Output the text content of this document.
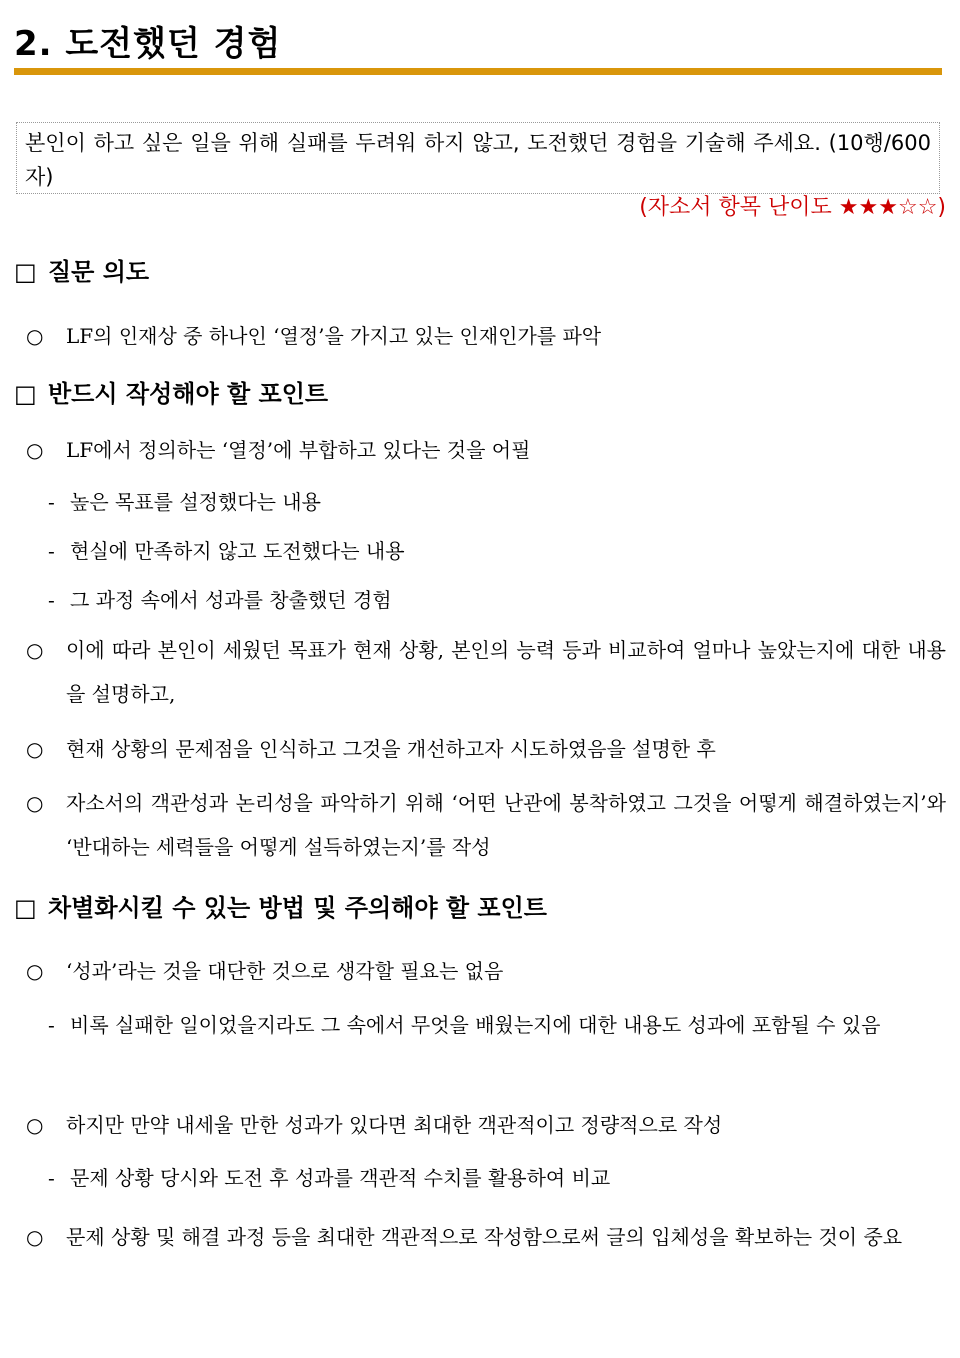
2. 도전했던 경험
본인이 하고 싶은 일을 위해 실패를 두려워 하지 않고, 도전했던 경험을 기술해 주세요. (10행/600자)
(자소서 항목 난이도 ★★★☆☆)
□ 질문 의도
○	LF의 인재상 중 하나인 ‘열정’을 가지고 있는 인재인가를 파악
□ 반드시 작성해야 할 포인트
○	LF에서 정의하는 ‘열정’에 부합하고 있다는 것을 어필
- 높은 목표를 설정했다는 내용
- 현실에 만족하지 않고 도전했다는 내용
- 그 과정 속에서 성과를 창출했던 경험
○	이에 따라 본인이 세웠던 목표가 현재 상황, 본인의 능력 등과 비교하여 얼마나 높았는지에 대한 내용을 설명하고,
○	현재 상황의 문제점을 인식하고 그것을 개선하고자 시도하였음을 설명한 후
○	자소서의 객관성과 논리성을 파악하기 위해 ‘어떤 난관에 봉착하였고 그것을 어떻게 해결하였는지’와 ‘반대하는 세력들을 어떻게 설득하였는지’를 작성
□ 차별화시킬 수 있는 방법 및 주의해야 할 포인트
○	‘성과’라는 것을 대단한 것으로 생각할 필요는 없음
- 비록 실패한 일이었을지라도 그 속에서 무엇을 배웠는지에 대한 내용도 성과에 포함될 수 있음
○	하지만 만약 내세울 만한 성과가 있다면 최대한 객관적이고 정량적으로 작성
- 문제 상황 당시와 도전 후 성과를 객관적 수치를 활용하여 비교
○	문제 상황 및 해결 과정 등을 최대한 객관적으로 작성함으로써 글의 입체성을 확보하는 것이 중요
